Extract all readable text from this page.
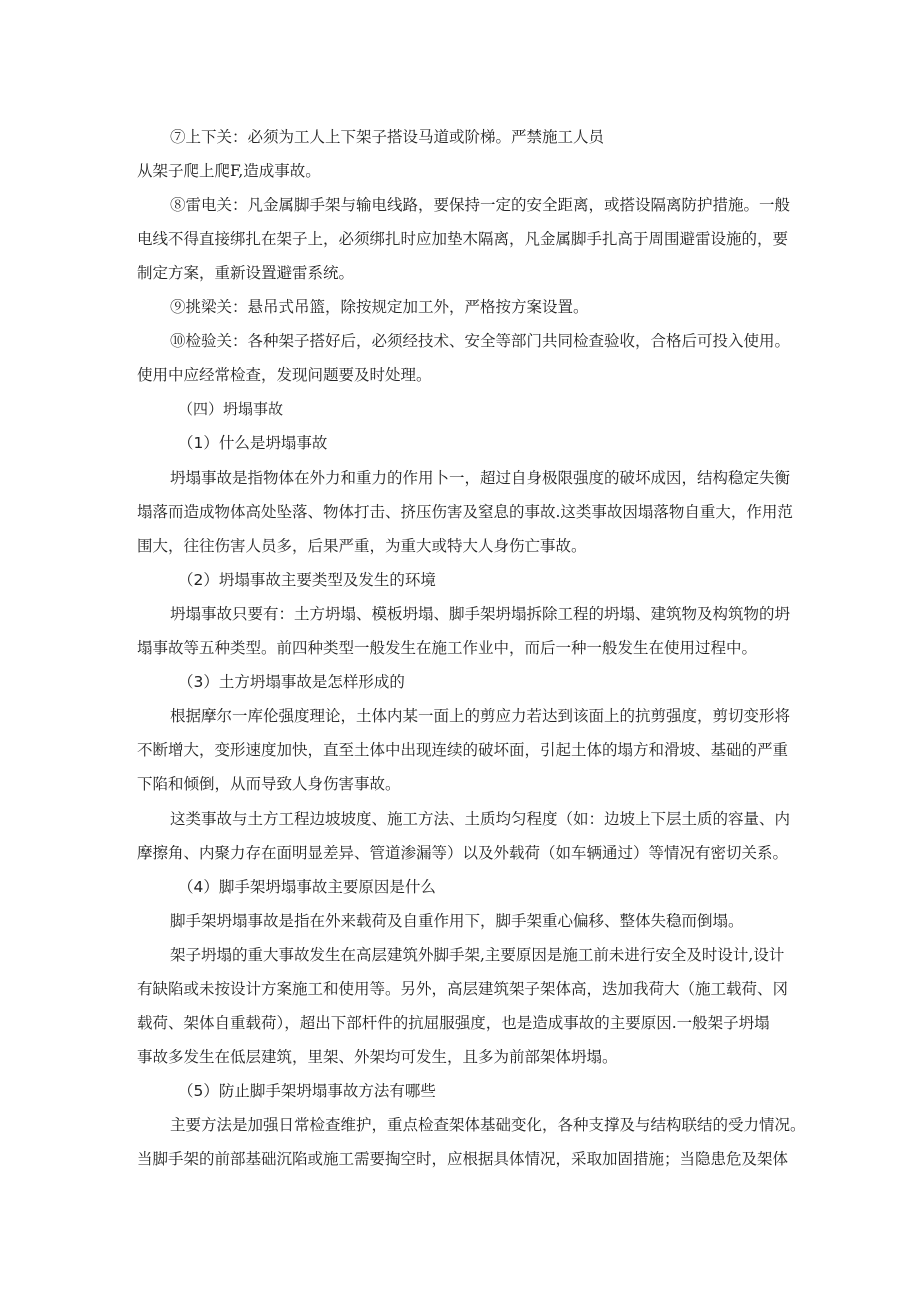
⑦上下关：必须为工人上下架子搭设马道或阶梯。严禁施工人员
从架子爬上爬F,造成事故。
⑧雷电关：凡金属脚手架与输电线路，要保持一定的安全距离，或搭设隔离防护措施。一般
电线不得直接绑扎在架子上，必须绑扎时应加垫木隔离，凡金属脚手扎高于周围避雷设施的，要
制定方案，重新设置避雷系统。
⑨挑梁关：悬吊式吊篮，除按规定加工外，严格按方案设置。
⑩检验关：各种架子搭好后，必须经技术、安全等部门共同检查验收，合格后可投入使用。
使用中应经常检查，发现问题要及时处理。
（四）坍塌事故
（1）什么是坍塌事故
坍塌事故是指物体在外力和重力的作用卜一，超过自身极限强度的破坏成因，结构稳定失衡
塌落而造成物体高处坠落、物体打击、挤压伤害及窒息的事故.这类事故因塌落物自重大，作用范
围大，往往伤害人员多，后果严重，为重大或特大人身伤亡事故。
（2）坍塌事故主要类型及发生的环境
坍塌事故只要有：土方坍塌、模板坍塌、脚手架坍塌拆除工程的坍塌、建筑物及构筑物的坍
塌事故等五种类型。前四种类型一般发生在施工作业中，而后一种一般发生在使用过程中。
（3）土方坍塌事故是怎样形成的
根据摩尔一库伦强度理论，土体内某一面上的剪应力若达到该面上的抗剪强度，剪切变形将
不断增大，变形速度加快，直至土体中出现连续的破坏面，引起土体的塌方和滑坡、基础的严重
下陷和倾倒，从而导致人身伤害事故。
这类事故与土方工程边坡坡度、施工方法、土质均匀程度（如：边坡上下层土质的容量、内
摩擦角、内聚力存在面明显差异、管道渗漏等）以及外载荷（如车辆通过）等情况有密切关系。
（4）脚手架坍塌事故主要原因是什么
脚手架坍塌事故是指在外来载荷及自重作用下，脚手架重心偏移、整体失稳而倒塌。
架子坍塌的重大事故发生在高层建筑外脚手架,主要原因是施工前未进行安全及时设计,设计
有缺陷或未按设计方案施工和使用等。另外，高层建筑架子架体高，迭加我荷大（施工载荷、冈
载荷、架体自重载荷），超出下部杆件的抗屈服强度，也是造成事故的主要原因.一般架子坍塌
事故多发生在低层建筑，里架、外架均可发生，且多为前部架体坍塌。
（5）防止脚手架坍塌事故方法有哪些
主要方法是加强日常检查维护，重点检查架体基础变化，各种支撑及与结构联结的受力情况。
当脚手架的前部基础沉陷或施工需要掏空时，应根据具体情况，采取加固措施；当隐患危及架体
